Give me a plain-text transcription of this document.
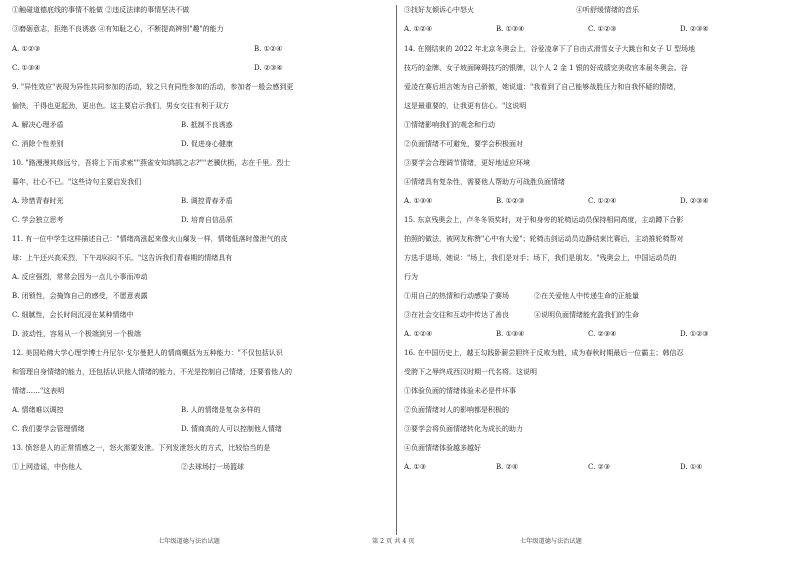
①触碰道德底线的事情不能做 ②违反法律的事情坚决不做
③磨砺意志，拒绝不良诱惑 ④有知耻之心，不断提高辨别"趣"的能力
A. ①②③	B. ①②④
C. ①③④	D. ②③④
9. "异性效应"表现为异性共同参加的活动，较之只有同性参加的活动，参加者一般会感到更
愉快，干得也更起劲，更出色。这主要启示我们，男女交往有利于双方
A. 解决心理矛盾	B. 抵制不良诱惑
C. 消除个性差别	D. 促进身心健康
10. "路漫漫其修远兮，吾将上下而求索""燕雀安知鸿鹄之志?""老骥伏枥，志在千里。烈士
暮年，壮心不已。"这些诗句主要启发我们
A. 珍惜青春时光	B. 调控青春矛盾
C. 学会独立思考	D. 培育自信品质
11. 有一位中学生这样描述自己："情绪高涨起来像火山爆发一样，情绪低落时像泄气的皮
球：上午还兴高采烈，下午却闷闷不乐。"这告诉我们青春期的情绪具有
A. 反应强烈，常常会因为一点儿小事而冲动
B. 闭锁性，会掩饰自己的感受，不愿意表露
C. 细腻性，会长时间沉浸在某种情绪中
D. 波动性，容易从一个极端到另一个极端
12. 美国哈佛大学心理学博士丹尼尔·戈尔曼把人的情商概括为五种能力："不仅包括认识
和管理自身情绪的能力，还包括认识他人情绪的能力，不光是控制自己情绪，还要看他人的
情绪……"这表明
A. 情绪难以调控	B. 人的情绪是复杂多样的
C. 我们要学会管理情绪	D. 情商高的人可以控制他人情绪
13. 愤怒是人的正常情感之一，怒火需要发泄。下列发泄怒火的方式，比较恰当的是
①上网造谣，中伤他人	②去球场打一场篮球
七年级道德与法治试题	第 2 页 共 4 页	七年级道德与法治试题
③找好友倾诉心中怒火	④听舒缓情绪的音乐
A. ①②④	B. ①③④	C. ①②③	D. ②③④
14. 在刚结束的 2022 年北京冬奥会上，谷爱凌拿下了自由式滑雪女子大跳台和女子 U 型场地
技巧的金牌、女子坡面障碍技巧的银牌，以个人 2 金 1 银的好成绩完美收官本届冬奥会。谷
爱凌在赛后坦言她为自己骄傲，她说道："我看到了自己能够战胜压力和自我怀疑的情绪，
这是最重要的，让我更有信心。"这说明
①情绪影响我们的观念和行动
②负面情绪不可避免，要学会积极面对
③要学会合理调节情绪，更好地适应环境
④情绪具有复杂性，需要他人帮助方可战胜负面情绪
A. ①③④	B. ①②③	C. ①②④	D. ②③④
15. 东京残奥会上，卢冬冬领奖时，对于和身旁的轮椅运动员保持相同高度，主动蹲下合影
拍照的做法，被网友称赞"心中有大爱"；轮椅击剑运动员边静结束比赛后，主动推轮椅帮对
方选手退场，她说："场上，我们是对手；场下，我们是朋友。"残奥会上，中国运动员的
行为
①用自己的热情和行动感染了赛场	②在关爱他人中传递生命的正能量
③在社会交往和互动中传达了善良	④说明负面情绪能充盈我们的生命
A. ①②④	B. ①③④	C. ②③④	D. ①②③
16. 在中国历史上，越王勾践卧薪尝胆终于反败为胜，成为春秋时期最后一位霸主；韩信忍
受胯下之辱终成西汉时期一代名将。这说明
①体验负面的情绪体验未必是件坏事
②负面情绪对人的影响都是积极的
③要学会将负面情绪转化为成长的助力
④负面情绪体验越多越好
A. ①③	B. ②④	C. ②③	D. ①④
